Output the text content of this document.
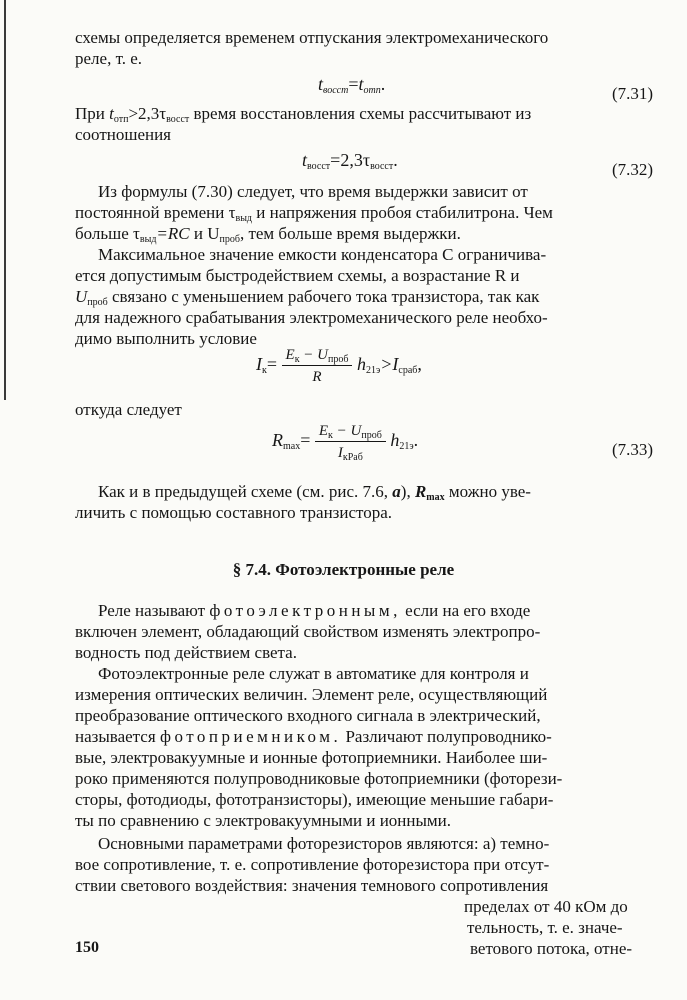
схемы определяется временем отпускания электромеханического
реле, т. е.
$t_{восст}=t_{отп}$.	(7.31)
При $t_{отп}>2,3\tau_{восст}$ время восстановления схемы рассчитывают из
соотношения
$t_{восст}=2,3\tau_{восст}$.	(7.32)
Из формулы (7.30) следует, что время выдержки зависит от
постоянной времени $\tau_{выд}$ и напряжения пробоя стабилитрона. Чем
больше $\tau_{выд}=RC$ и $U_{проб}$, тем больше время выдержки.
Максимальное значение емкости конденсатора C ограничива-
ется допустимым быстродействием схемы, а возрастание R и
$U_{проб}$ связано с уменьшением рабочего тока транзистора, так как
для надежного срабатывания электромеханического реле необхо-
димо выполнить условие
$I_к= \frac{E_к - U_{проб}}{R} h_{21э}>I_{сраб}$,
откуда следует
$R_{max}= \frac{E_к - U_{проб}}{I_{кРаб}} h_{21э}$.	(7.33)
Как и в предыдущей схеме (см. рис. 7.6, а), $R_{max}$ можно уве-
личить с помощью составного транзистора.
§ 7.4. Фотоэлектронные реле
Реле называют фотоэлектронным, если на его входе
включен элемент, обладающий свойством изменять электропро-
водность под действием света.
Фотоэлектронные реле служат в автоматике для контроля и
измерения оптических величин. Элемент реле, осуществляющий
преобразование оптического входного сигнала в электрический,
называется фотоприемником. Различают полупроводнико-
вые, электровакуумные и ионные фотоприемники. Наиболее ши-
роко применяются полупроводниковые фотоприемники (фоторези-
сторы, фотодиоды, фототранзисторы), имеющие меньшие габари-
ты по сравнению с электровакуумными и ионными.
Основными параметрами фоторезисторов являются: а) темно-
вое сопротивление, т. е. сопротивление фоторезистора при отсут-
ствии светового воздействия: значения темнового сопротивления
пределах от 40 кОм до
тельность, т. е. значе-
ветового потока, отне-
150
